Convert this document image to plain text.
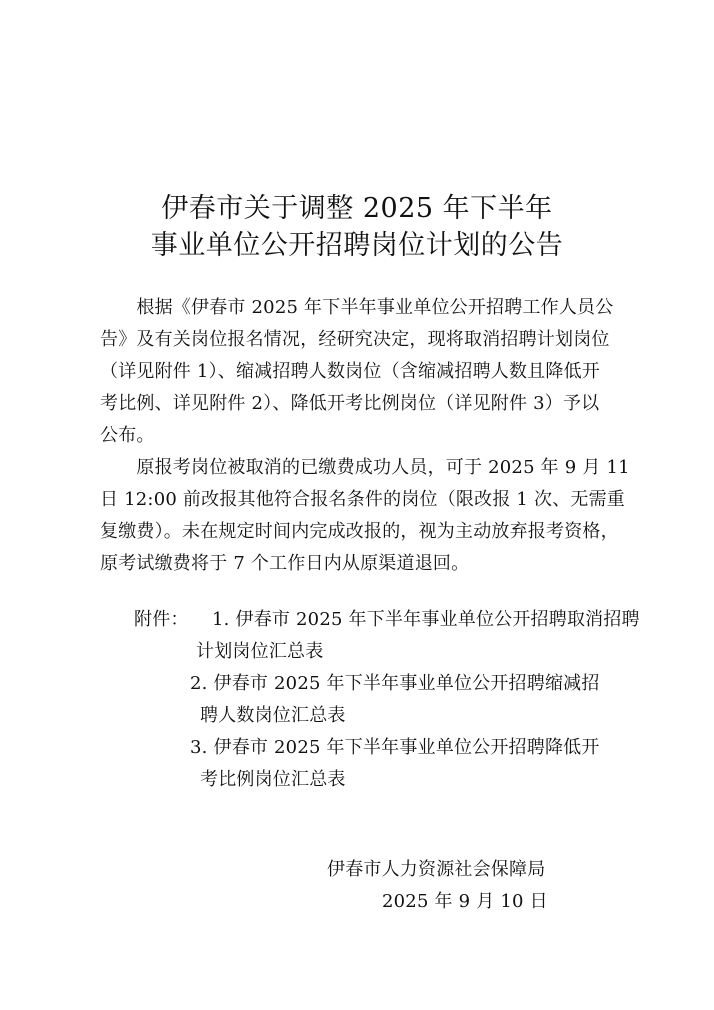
伊春市关于调整 2025 年下半年
事业单位公开招聘岗位计划的公告
　　根据《伊春市 2025 年下半年事业单位公开招聘工作人员公
告》及有关岗位报名情况，经研究决定，现将取消招聘计划岗位
（详见附件 1）、缩减招聘人数岗位（含缩减招聘人数且降低开
考比例、详见附件 2）、降低开考比例岗位（详见附件 3）予以
公布。
　　原报考岗位被取消的已缴费成功人员，可于 2025 年 9 月 11
日 12:00 前改报其他符合报名条件的岗位（限改报 1 次、无需重
复缴费）。未在规定时间内完成改报的，视为主动放弃报考资格，
原考试缴费将于 7 个工作日内从原渠道退回。
附件： 1. 伊春市 2025 年下半年事业单位公开招聘取消招聘
计划岗位汇总表
2. 伊春市 2025 年下半年事业单位公开招聘缩减招
聘人数岗位汇总表
3. 伊春市 2025 年下半年事业单位公开招聘降低开
考比例岗位汇总表
伊春市人力资源社会保障局
2025 年 9 月 10 日
